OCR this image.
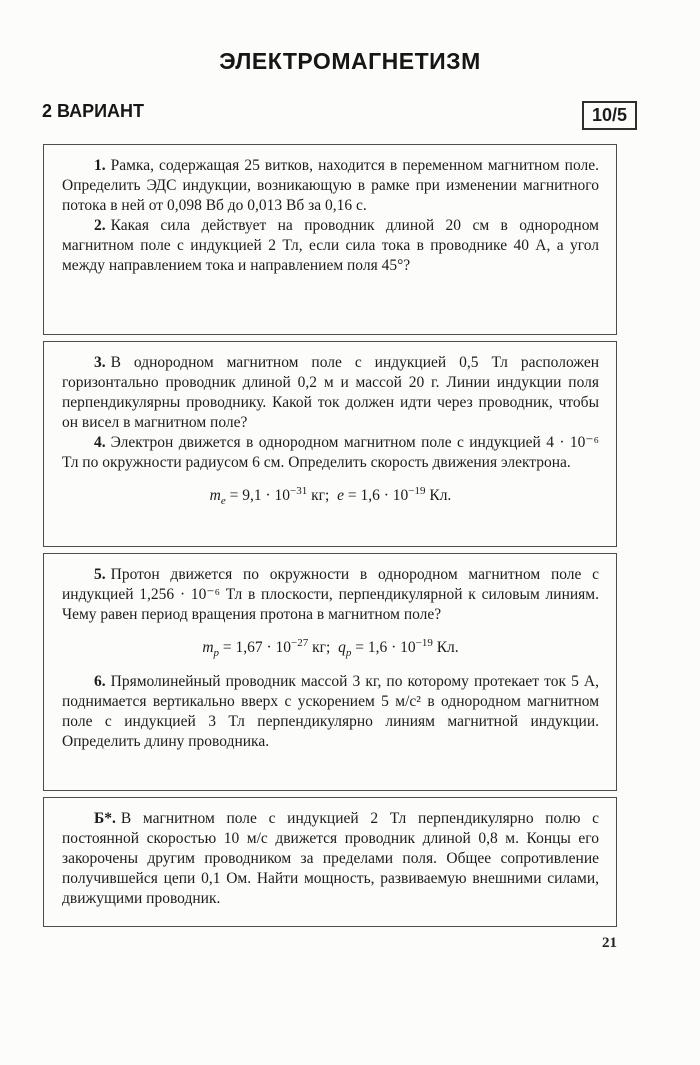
ЭЛЕКТРОМАГНЕТИЗМ
2 ВАРИАНТ	10/5

1. Рамка, содержащая 25 витков, находится в переменном магнитном поле. Определить ЭДС индукции, возникающую в рамке при изменении магнитного потока в ней от 0,098 Вб до 0,013 Вб за 0,16 с.

2. Какая сила действует на проводник длиной 20 см в однородном магнитном поле с индукцией 2 Тл, если сила тока в проводнике 40 А, а угол между направлением тока и направлением поля 45°?

3. В однородном магнитном поле с индукцией 0,5 Тл расположен горизонтально проводник длиной 0,2 м и массой 20 г. Линии индукции поля перпендикулярны проводнику. Какой ток должен идти через проводник, чтобы он висел в магнитном поле?

4. Электрон движется в однородном магнитном поле с индукцией 4 · 10⁻⁶ Тл по окружности радиусом 6 см. Определить скорость движения электрона.

$m_e = 9,1 \cdot 10^{-31}$ кг;  $e = 1,6 \cdot 10^{-19}$ Кл.

5. Протон движется по окружности в однородном магнитном поле с индукцией 1,256 · 10⁻⁶ Тл в плоскости, перпендикулярной к силовым линиям. Чему равен период вращения протона в магнитном поле?

$m_p = 1,67 \cdot 10^{-27}$ кг;  $q_p = 1,6 \cdot 10^{-19}$ Кл.

6. Прямолинейный проводник массой 3 кг, по которому протекает ток 5 А, поднимается вертикально вверх с ускорением 5 м/с² в однородном магнитном поле с индукцией 3 Тл перпендикулярно линиям магнитной индукции. Определить длину проводника.

Б*. В магнитном поле с индукцией 2 Тл перпендикулярно полю с постоянной скоростью 10 м/с движется проводник длиной 0,8 м. Концы его закорочены другим проводником за пределами поля. Общее сопротивление получившейся цепи 0,1 Ом. Найти мощность, развиваемую внешними силами, движущими проводник.

21
